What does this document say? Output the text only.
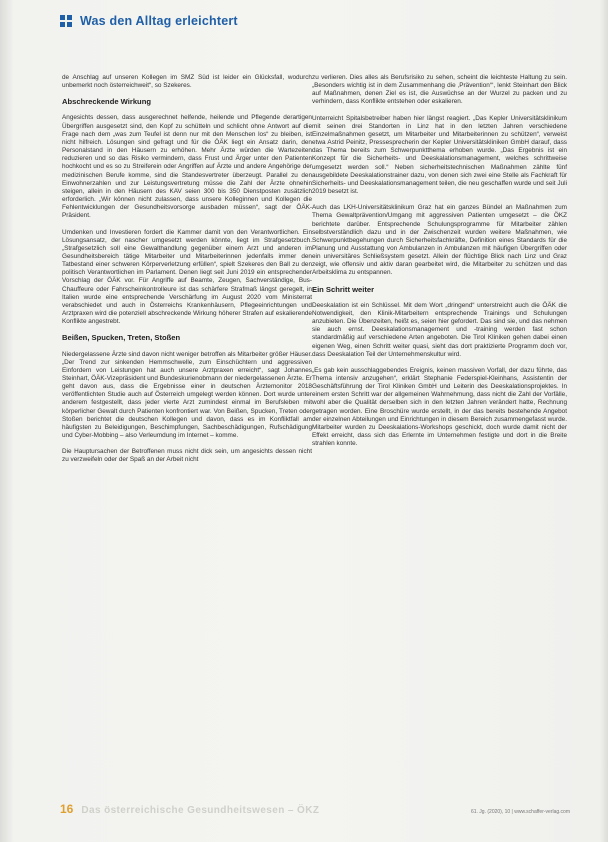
Was den Alltag erleichtert

de Anschlag auf unseren Kollegen im SMZ Süd ist leider ein Glücksfall, wodurch unbemerkt noch österreichweit“, so Szekeres.

Abschreckende Wirkung

Angesichts dessen, dass ausgerechnet helfende, heilende und Pflegende derartigen Übergriffen ausgesetzt sind, den Kopf zu schütteln und schlicht ohne Antwort auf die Frage nach dem „was zum Teufel ist denn nur mit den Menschen los“ zu bleiben, ist nicht hilfreich. Lösungen sind gefragt und für die ÖÄK liegt ein Ansatz darin, den Personalstand in den Häusern zu erhöhen. Mehr Ärzte würden die Wartezeiten reduzieren und so das Risiko vermindern, dass Frust und Ärger unter den Patienten hochkocht und es so zu Streiferein oder Angriffen auf Ärzte und andere Angehörige der medizinischen Berufe komme, sind die Standesvertreter überzeugt. Parallel zu den Einwohnerzahlen und zur Leistungsvertretung müsse die Zahl der Ärzte ohnehin steigen, allein in den Häusern des KAV seien 300 bis 350 Dienstposten zusätzlich erforderlich. „Wir können nicht zulassen, dass unsere Kolleginnen und Kollegen die Fehlentwicklungen der Gesundheitsvorsorge ausbaden müssen“, sagt der ÖÄK-Präsident.

Umdenken und Investieren fordert die Kammer damit von den Verantwortlichen. Ein Lösungsansatz, der nascher umgesetzt werden könnte, liegt im Strafgesetzbuch. „Strafgesetzlich soll eine Gewalthandlung gegenüber einem Arzt und anderen im Gesundheitsbereich tätige Mitarbeiter und Mitarbeiterinnen jedenfalls immer den Tatbestand einer schweren Körperverletzung erfüllen“, spielt Szekeres den Ball zu den politisch Verantwortlichen im Parlament. Denen liegt seit Juni 2019 ein entsprechender Vorschlag der ÖÄK vor. Für Angriffe auf Beamte, Zeugen, Sachverständige, Bus-Chauffeure oder Fahrscheinkontrolleure ist das schärfere Strafmaß längst geregelt, in Italien wurde eine entsprechende Verschärfung im August 2020 vom Ministerrat verabschiedet und auch in Österreichs Krankenhäusern, Pflegeeinrichtungen und Arztpraxen wird die potenziell abschreckende Wirkung höherer Strafen auf eskalierende Konflikte angestrebt.

Beißen, Spucken, Treten, Stoßen

Niedergelassene Ärzte sind davon nicht weniger betroffen als Mitarbeiter größer Häuser. „Der Trend zur sinkenden Hemmschwelle, zum Einschüchtern und aggressiven Einfordern von Leistungen hat auch unsere Arztpraxen erreicht“, sagt Johannes Steinhart, ÖÄK-Vizepräsident und Bundeskurienobmann der niedergelassenen Ärzte. Er geht davon aus, dass die Ergebnisse einer in deutschen Ärztemonitor 2018 veröffentlichten Studie auch auf Österreich umgelegt werden können. Dort wurde unter anderem festgestellt, dass jeder vierte Arzt zumindest einmal im Berufsleben mit körperlicher Gewalt durch Patienten konfrontiert war. Von Beißen, Spucken, Treten oder Stoßen berichtet die deutschen Kollegen und davon, dass es im Konfliktfall am häufigsten zu Beleidigungen, Beschimpfungen, Sachbeschädigungen, Rufschädigung und Cyber-Mobbing – also Verleumdung im Internet – komme.

Die Hauptursachen der Betroffenen muss nicht dick sein, um angesichts dessen nicht zu verzweifeln oder der Spaß an der Arbeit nicht

zu verlieren. Dies alles als Berufsrisiko zu sehen, scheint die leichteste Haltung zu sein. „Besonders wichtig ist in dem Zusammenhang die ‚Prävention‘“, lenkt Steinhart den Blick auf Maßnahmen, denen Ziel es ist, die Auswüchse an der Wurzel zu packen und zu verhindern, dass Konflikte entstehen oder eskalieren.

Unterreicht Spitalsbetreiber haben hier längst reagiert. „Das Kepler Universitätsklinikum mit seinen drei Standorten in Linz hat in den letzten Jahren verschiedene Einzelmaßnahmen gesetzt, um Mitarbeiter und Mitarbeiterinnen zu schützen“, verweist etwa Astrid Peinitz, Pressesprecherin der Kepler Universitätskliniken GmbH darauf, dass das Thema bereits zum Schwerpunktthema erhoben wurde. „Das Ergebnis ist ein Konzept für die Sicherheits- und Deeskalationsmanagement, welches schrittweise umgesetzt werden soll.“ Neben sicherheitstechnischen Maßnahmen zählte fünf ausgebildete Deeskalationstrainer dazu, von denen sich zwei eine Stelle als Fachkraft für Sicherheits- und Deeskalationsmanagement teilen, die neu geschaffen wurde und seit Juli 2019 besetzt ist.

Auch das LKH-Universitätsklinikum Graz hat ein ganzes Bündel an Maßnahmen zum Thema Gewaltprävention/Umgang mit aggressiven Patienten umgesetzt – die ÖKZ berichtete darüber. Entsprechende Schulungsprogramme für Mitarbeiter zählen selbstverständlich dazu und in der Zwischenzeit wurden weitere Maßnahmen, wie Schwerpunktbegehungen durch Sicherheitsfachkräfte, Definition eines Standards für die Planung und Ausstattung von Ambulanzen in Ambulanzen mit häufigen Übergriffen oder ein universitäres Schließsystem gesetzt. Allein der flüchtige Blick nach Linz und Graz zeigt, wie offensiv und aktiv daran gearbeitet wird, die Mitarbeiter zu schützen und das Arbeitsklima zu entspannen.

Ein Schritt weiter

Deeskalation ist ein Schlüssel. Mit dem Wort „dringend“ unterstreicht auch die ÖÄK die Notwendigkeit, den Klinik-Mitarbeitern entsprechende Trainings und Schulungen anzubieten. Die Übenzeiten, heißt es, seien hier gefordert. Das sind sie, und das nehmen sie auch ernst. Deeskalationsmanagement und -training werden fast schon standardmäßig auf verschiedene Arten angeboten. Die Tirol Kliniken gehen dabei einen eigenen Weg, einen Schritt weiter quasi, sieht das dort praktizierte Programm doch vor, dass Deeskalation Teil der Unternehmenskultur wird.

„Es gab kein ausschlaggebendes Ereignis, keinen massiven Vorfall, der dazu führte, das Thema intensiv anzugehen“, erklärt Stephanie Federspiel-Kleinhans, Assistentin der Geschäftsführung der Tirol Kliniken GmbH und Leiterin des Deeskalationsprojektes. In einem ersten Schritt war der allgemeinen Wahrnehmung, dass nicht die Zahl der Vorfälle, wohl aber die Qualität derselben sich in den letzten Jahren verändert hatte, Rechnung getragen worden. Eine Broschüre wurde erstellt, in der das bereits bestehende Angebot der einzelnen Abteilungen und Einrichtungen in diesem Bereich zusammengefasst wurde. Mitarbeiter wurden zu Deeskalations-Workshops geschickt, doch wurde damit nicht der Effekt erreicht, dass sich das Erlernte im Unternehmen festigte und dort in die Breite strahlen konnte.

16 Das österreichische Gesundheitswesen – ÖKZ	61. Jg. (2020), 10 | www.schaffer-verlag.com
